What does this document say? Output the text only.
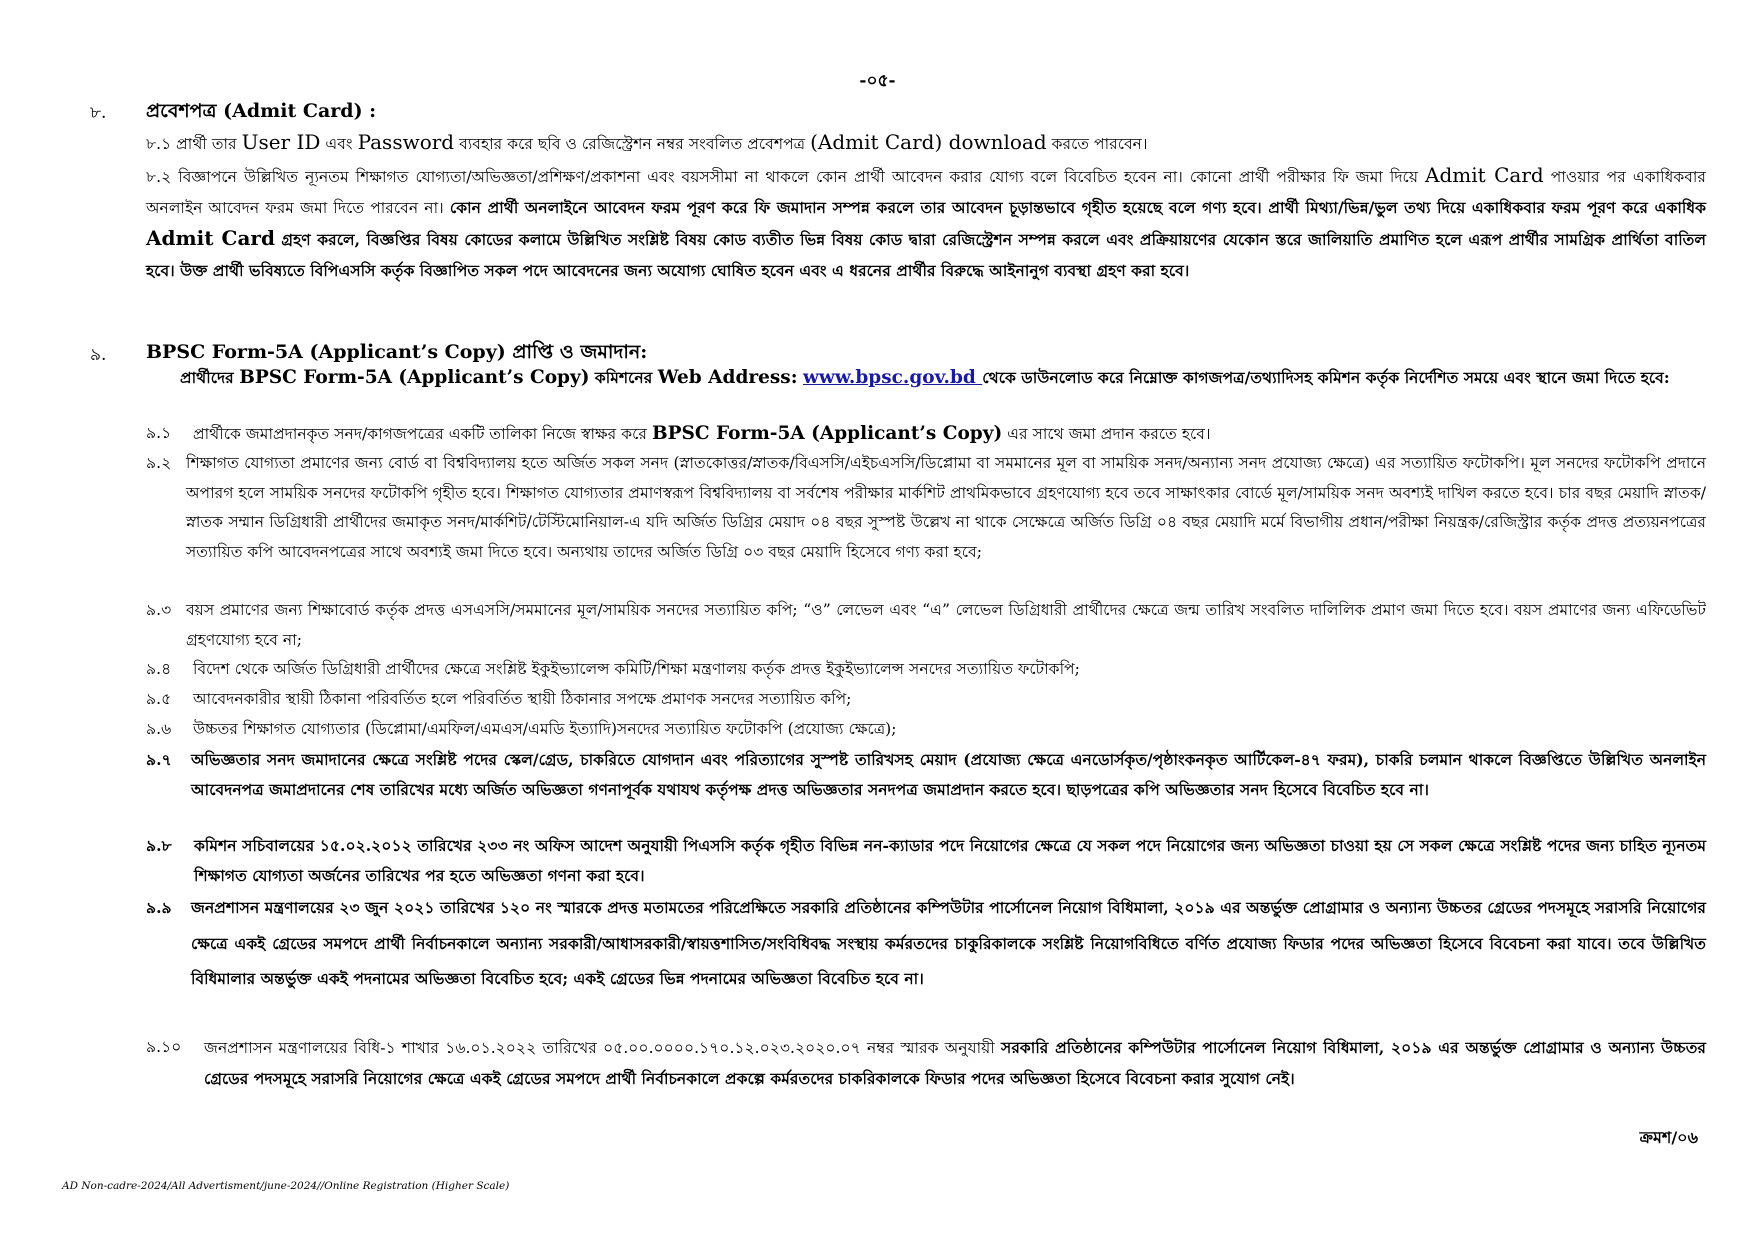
-০৫-
৮. প্রবেশপত্র (Admit Card) :
৮.১ প্রার্থী তার User ID এবং Password ব্যবহার করে ছবি ও রেজিস্ট্রেশন নম্বর সংবলিত প্রবেশপত্র (Admit Card) download করতে পারবেন।
৮.২ বিজ্ঞাপনে উল্লিখিত ন্যূনতম শিক্ষাগত যোগ্যতা/অভিজ্ঞতা/প্রশিক্ষণ/প্রকাশনা এবং বয়সসীমা না থাকলে কোন প্রার্থী আবেদন করার যোগ্য বলে বিবেচিত হবেন না। কোনো প্রার্থী পরীক্ষার ফি জমা দিয়ে Admit Card পাওয়ার পর একাধিকবার অনলাইন আবেদন ফরম জমা দিতে পারবেন না। কোন প্রার্থী অনলাইনে আবেদন ফরম পূরণ করে ফি জমাদান সম্পন্ন করলে তার আবেদন চূড়ান্তভাবে গৃহীত হয়েছে বলে গণ্য হবে। প্রার্থী মিথ্যা/ভিন্ন/ভুল তথ্য দিয়ে একাধিকবার ফরম পূরণ করে একাধিক Admit Card গ্রহণ করলে, বিজ্ঞপ্তির বিষয় কোডের কলামে উল্লিখিত সংশ্লিষ্ট বিষয় কোড ব্যতীত ভিন্ন বিষয় কোড দ্বারা রেজিস্ট্রেশন সম্পন্ন করলে এবং প্রক্রিয়ায়ণের যেকোন স্তরে জালিয়াতি প্রমাণিত হলে এরূপ প্রার্থীর সামগ্রিক প্রার্থিতা বাতিল হবে। উক্ত প্রার্থী ভবিষ্যতে বিপিএসসি কর্তৃক বিজ্ঞাপিত সকল পদে আবেদনের জন্য অযোগ্য ঘোষিত হবেন এবং এ ধরনের প্রার্থীর বিরুদ্ধে আইনানুগ ব্যবস্থা গ্রহণ করা হবে।
৯. BPSC Form-5A (Applicant’s Copy) প্রাপ্তি ও জমাদান:
প্রার্থীদের BPSC Form-5A (Applicant’s Copy) কমিশনের Web Address: www.bpsc.gov.bd থেকে ডাউনলোড করে নিম্নোক্ত কাগজপত্র/তথ্যাদিসহ কমিশন কর্তৃক নির্দেশিত সময়ে এবং স্থানে জমা দিতে হবে:
৯.১	প্রার্থীকে জমাপ্রদানকৃত সনদ/কাগজপত্রের একটি তালিকা নিজে স্বাক্ষর করে BPSC Form-5A (Applicant’s Copy) এর সাথে জমা প্রদান করতে হবে।
৯.২ শিক্ষাগত যোগ্যতা প্রমাণের জন্য বোর্ড বা বিশ্ববিদ্যালয় হতে অর্জিত সকল সনদ (স্নাতকোত্তর/স্নাতক/বিএসসি/এইচএসসি/ডিপ্লোমা বা সমমানের মূল বা সাময়িক সনদ/অন্যান্য সনদ প্রযোজ্য ক্ষেত্রে) এর সত্যায়িত ফটোকপি। মূল সনদের ফটোকপি প্রদানে অপারগ হলে সাময়িক সনদের ফটোকপি গৃহীত হবে। শিক্ষাগত যোগ্যতার প্রমাণস্বরূপ বিশ্ববিদ্যালয় বা সর্বশেষ পরীক্ষার মার্কশিট প্রাথমিকভাবে গ্রহণযোগ্য হবে তবে সাক্ষাৎকার বোর্ডে মূল/সাময়িক সনদ অবশ্যই দাখিল করতে হবে। চার বছর মেয়াদি স্নাতক/স্নাতক সম্মান ডিগ্রিধারী প্রার্থীদের জমাকৃত সনদ/মার্কশিট/টেস্টিমোনিয়াল-এ যদি অর্জিত ডিগ্রির মেয়াদ ০৪ বছর সুস্পষ্ট উল্লেখ না থাকে সেক্ষেত্রে অর্জিত ডিগ্রি ০৪ বছর মেয়াদি মর্মে বিভাগীয় প্রধান/পরীক্ষা নিয়ন্ত্রক/রেজিস্ট্রার কর্তৃক প্রদত্ত প্রত্যয়নপত্রের সত্যায়িত কপি আবেদনপত্রের সাথে অবশ্যই জমা দিতে হবে। অন্যথায় তাদের অর্জিত ডিগ্রি ০৩ বছর মেয়াদি হিসেবে গণ্য করা হবে;
৯.৩ বয়স প্রমাণের জন্য শিক্ষাবোর্ড কর্তৃক প্রদত্ত এসএসসি/সমমানের মূল/সাময়িক সনদের সত্যায়িত কপি; “ও” লেভেল এবং “এ” লেভেল ডিগ্রিধারী প্রার্থীদের ক্ষেত্রে জন্ম তারিখ সংবলিত দালিলিক প্রমাণ জমা দিতে হবে। বয়স প্রমাণের জন্য এফিডেভিট গ্রহণযোগ্য হবে না;
৯.৪	বিদেশ থেকে অর্জিত ডিগ্রিধারী প্রার্থীদের ক্ষেত্রে সংশ্লিষ্ট ইকুইভ্যালেন্স কমিটি/শিক্ষা মন্ত্রণালয় কর্তৃক প্রদত্ত ইকুইভ্যালেন্স সনদের সত্যায়িত ফটোকপি;
৯.৫	আবেদনকারীর স্থায়ী ঠিকানা পরিবর্তিত হলে পরিবর্তিত স্থায়ী ঠিকানার সপক্ষে প্রমাণক সনদের সত্যায়িত কপি;
৯.৬	উচ্চতর শিক্ষাগত যোগ্যতার (ডিপ্লোমা/এমফিল/এমএস/এমডি ইত্যাদি)সনদের সত্যায়িত ফটোকপি (প্রযোজ্য ক্ষেত্রে);
৯.৭	অভিজ্ঞতার সনদ জমাদানের ক্ষেত্রে সংশ্লিষ্ট পদের স্কেল/গ্রেড, চাকরিতে যোগদান এবং পরিত্যাগের সুস্পষ্ট তারিখসহ মেয়াদ (প্রযোজ্য ক্ষেত্রে এনডোর্সকৃত/পৃষ্ঠাংকনকৃত আর্টিকেল-৪৭ ফরম), চাকরি চলমান থাকলে বিজ্ঞপ্তিতে উল্লিখিত অনলাইন আবেদনপত্র জমাপ্রদানের শেষ তারিখের মধ্যে অর্জিত অভিজ্ঞতা গণনাপূর্বক যথাযথ কর্তৃপক্ষ প্রদত্ত অভিজ্ঞতার সনদপত্র জমাপ্রদান করতে হবে। ছাড়পত্রের কপি অভিজ্ঞতার সনদ হিসেবে বিবেচিত হবে না।
৯.৮	কমিশন সচিবালয়ের ১৫.০২.২০১২ তারিখের ২৩৩ নং অফিস আদেশ অনুযায়ী পিএসসি কর্তৃক গৃহীত বিভিন্ন নন-ক্যাডার পদে নিয়োগের ক্ষেত্রে যে সকল পদে নিয়োগের জন্য অভিজ্ঞতা চাওয়া হয় সে সকল ক্ষেত্রে সংশ্লিষ্ট পদের জন্য চাহিত ন্যূনতম শিক্ষাগত যোগ্যতা অর্জনের তারিখের পর হতে অভিজ্ঞতা গণনা করা হবে।
৯.৯	জনপ্রশাসন মন্ত্রণালয়ের ২৩ জুন ২০২১ তারিখের ১২০ নং স্মারকে প্রদত্ত মতামতের পরিপ্রেক্ষিতে সরকারি প্রতিষ্ঠানের কম্পিউটার পার্সোনেল নিয়োগ বিধিমালা, ২০১৯ এর অন্তর্ভুক্ত প্রোগ্রামার ও অন্যান্য উচ্চতর গ্রেডের পদসমূহে সরাসরি নিয়োগের ক্ষেত্রে একই গ্রেডের সমপদে প্রার্থী নির্বাচনকালে অন্যান্য সরকারী/আধাসরকারী/স্বায়ত্তশাসিত/সংবিধিবদ্ধ সংস্থায় কর্মরতদের চাকুরিকালকে সংশ্লিষ্ট নিয়োগবিধিতে বর্ণিত প্রযোজ্য ফিডার পদের অভিজ্ঞতা হিসেবে বিবেচনা করা যাবে। তবে উল্লিখিত বিধিমালার অন্তর্ভুক্ত একই পদনামের অভিজ্ঞতা বিবেচিত হবে; একই গ্রেডের ভিন্ন পদনামের অভিজ্ঞতা বিবেচিত হবে না।
৯.১০	জনপ্রশাসন মন্ত্রণালয়ের বিধি-১ শাখার ১৬.০১.২০২২ তারিখের ০৫.০০.০০০০.১৭০.১২.০২৩.২০২০.০৭ নম্বর স্মারক অনুযায়ী সরকারি প্রতিষ্ঠানের কম্পিউটার পার্সোনেল নিয়োগ বিধিমালা, ২০১৯ এর অন্তর্ভুক্ত প্রোগ্রামার ও অন্যান্য উচ্চতর গ্রেডের পদসমূহে সরাসরি নিয়োগের ক্ষেত্রে একই গ্রেডের সমপদে প্রার্থী নির্বাচনকালে প্রকল্পে কর্মরতদের চাকরিকালকে ফিডার পদের অভিজ্ঞতা হিসেবে বিবেচনা করার সুযোগ নেই।
ক্রমশ/০৬
AD Non-cadre-2024/All Advertisment/june-2024//Online Registration (Higher Scale)
